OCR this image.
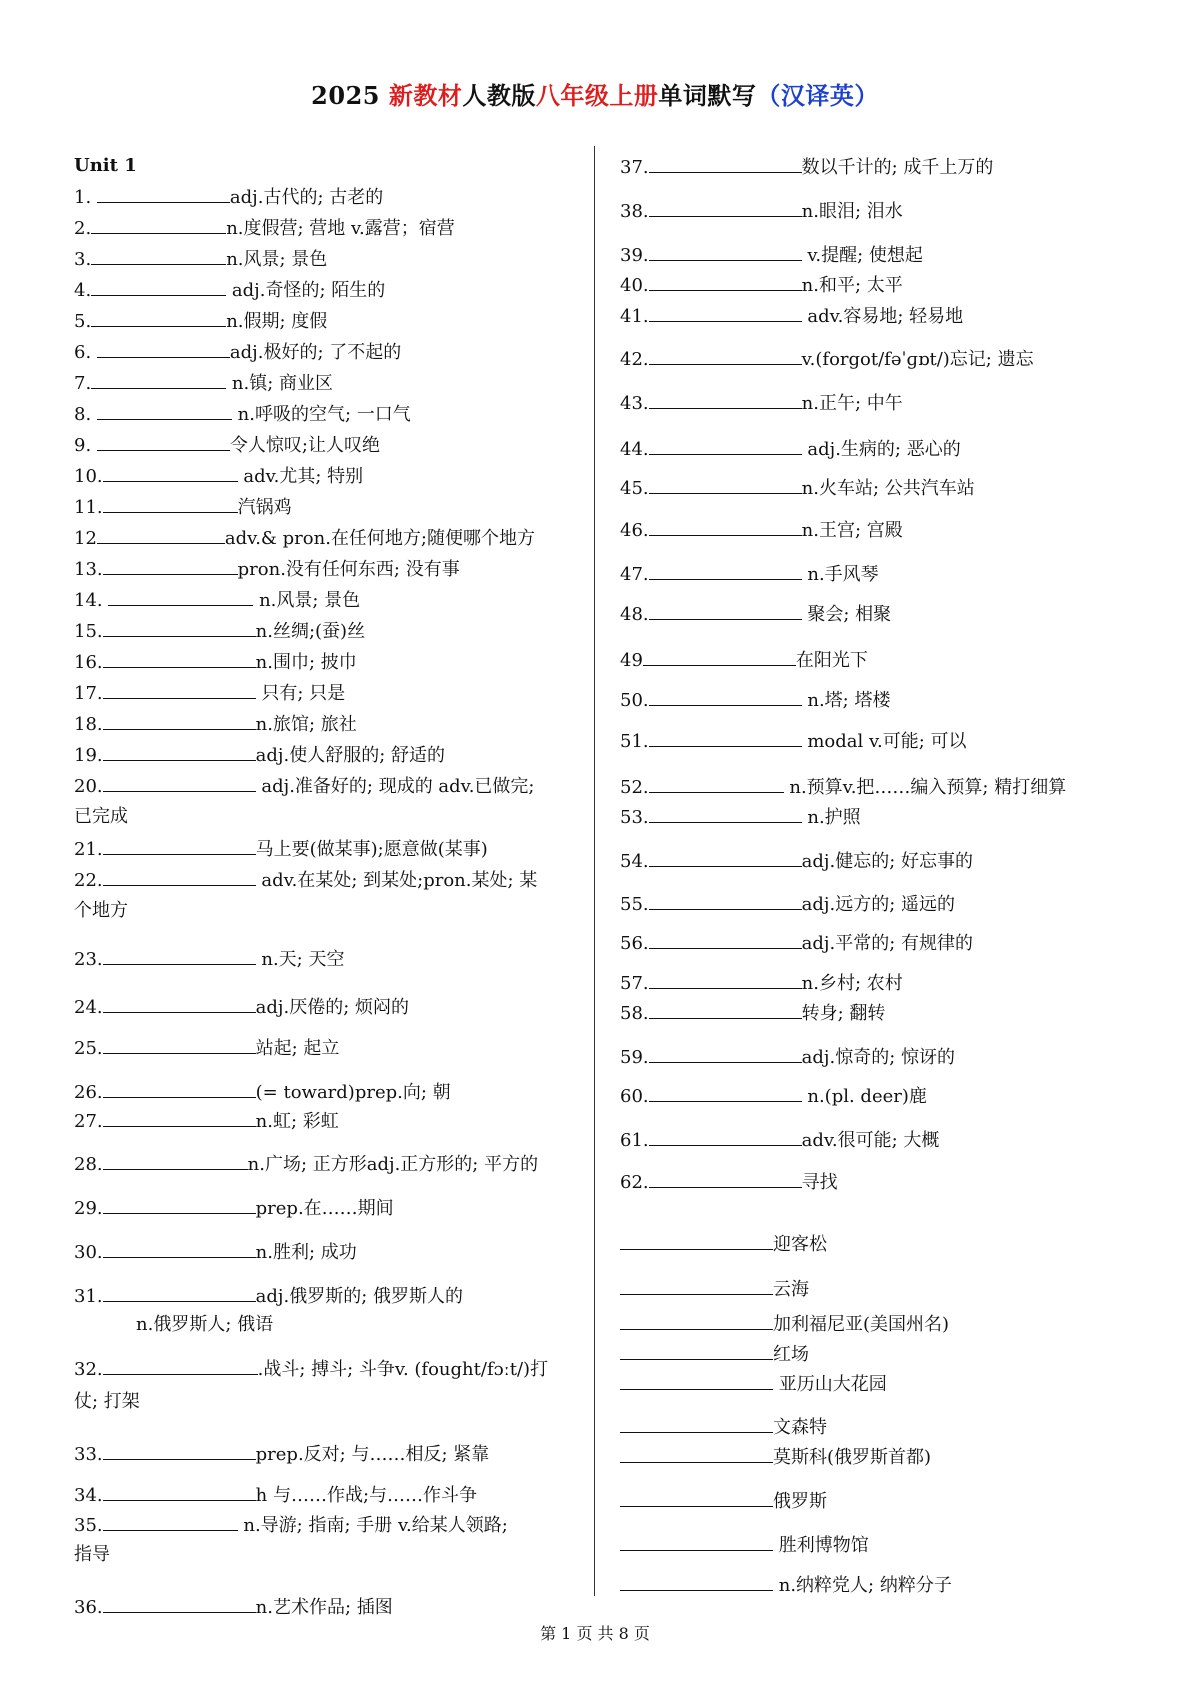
2025 新教材人教版八年级上册单词默写（汉译英）
Unit 1
1.	adj.古代的; 古老的
2.	n.度假营; 营地 v.露营；宿营
3.	n.风景; 景色
4.	adj.奇怪的; 陌生的
5.	n.假期; 度假
6.	adj.极好的; 了不起的
7.	n.镇; 商业区
8.	n.呼吸的空气; 一口气
9.	令人惊叹;让人叹绝
10.	adv.尤其; 特别
11.	汽锅鸡
12	adv.& pron.在任何地方;随便哪个地方
13.	pron.没有任何东西; 没有事
14.	n.风景; 景色
15.	n.丝绸;(蚕)丝
16.	n.围巾; 披巾
17.	只有; 只是
18.	n.旅馆; 旅社
19.	adj.使人舒服的; 舒适的
20.	adj.准备好的; 现成的 adv.已做完;
已完成
21.	马上要(做某事);愿意做(某事)
22.	adv.在某处; 到某处;pron.某处; 某
个地方
23.	n.天; 天空
24.	adj.厌倦的; 烦闷的
25.	站起; 起立
26.	(= toward)prep.向; 朝
27.	n.虹; 彩虹
28.	n.广场; 正方形adj.正方形的; 平方的
29.	prep.在……期间
30.	n.胜利; 成功
31.	adj.俄罗斯的; 俄罗斯人的
n.俄罗斯人; 俄语
32.	.战斗; 搏斗; 斗争v. (fought/fɔːt/)打
仗; 打架
33.	prep.反对; 与……相反; 紧靠
34.	h 与……作战;与……作斗争
35.	n.导游; 指南; 手册 v.给某人领路;
指导
36.	n.艺术作品; 插图
37.	数以千计的; 成千上万的
38.	n.眼泪; 泪水
39.	v.提醒; 使想起
40.	n.和平; 太平
41.	adv.容易地; 轻易地
42.	v.(forgot/fəˈɡɒt/)忘记; 遗忘
43.	n.正午; 中午
44.	adj.生病的; 恶心的
45.	n.火车站; 公共汽车站
46.	n.王宫; 宫殿
47.	n.手风琴
48.	聚会; 相聚
49	在阳光下
50.	n.塔; 塔楼
51.	modal v.可能; 可以
52.	n.预算v.把……编入预算; 精打细算
53.	n.护照
54.	adj.健忘的; 好忘事的
55.	adj.远方的; 遥远的
56.	adj.平常的; 有规律的
57.	n.乡村; 农村
58.	转身; 翻转
59.	adj.惊奇的; 惊讶的
60.	n.(pl. deer)鹿
61.	adv.很可能; 大概
62.	寻找
迎客松
云海
加利福尼亚(美国州名)
红场
亚历山大花园
文森特
莫斯科(俄罗斯首都)
俄罗斯
胜利博物馆
n.纳粹党人; 纳粹分子
第 1 页 共 8 页
